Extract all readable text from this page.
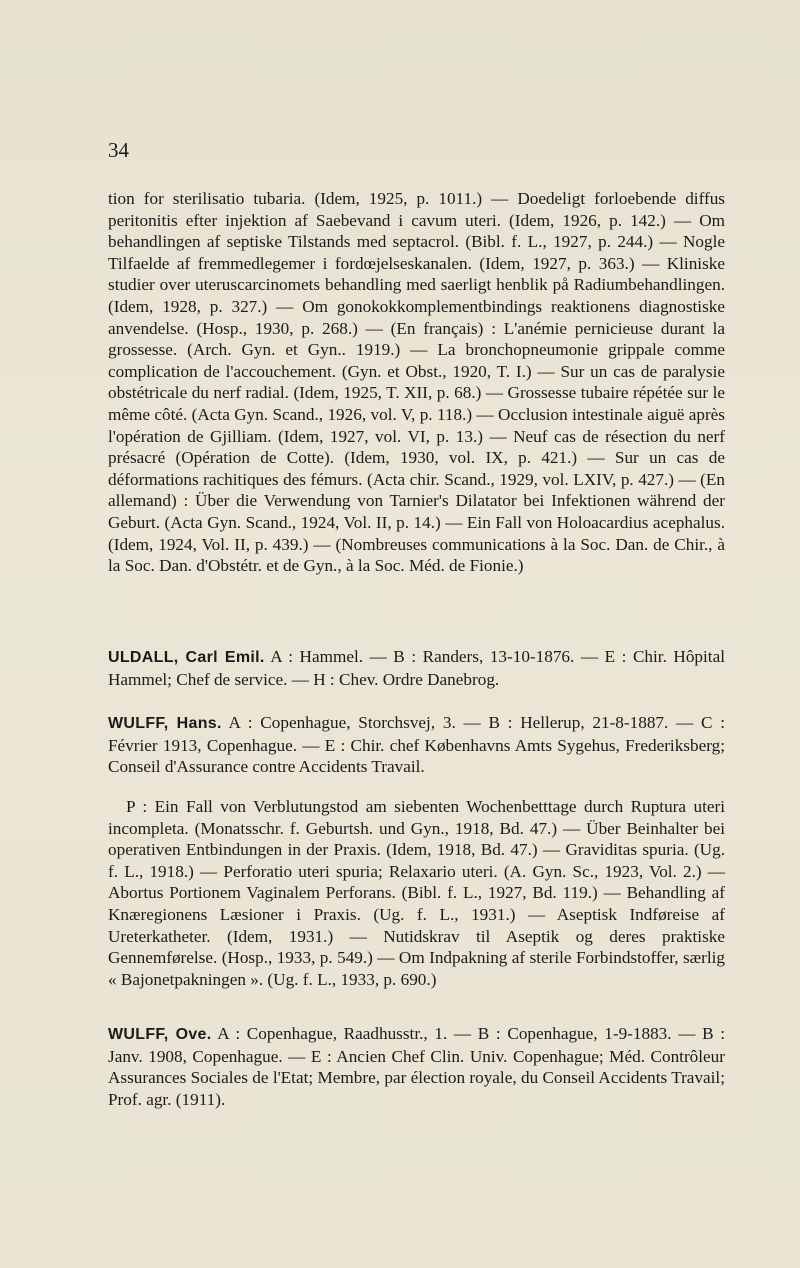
34

tion for sterilisatio tubaria. (Idem, 1925, p. 1011.) — Doedeligt forloebende diffus peritonitis efter injektion af Saebevand i cavum uteri. (Idem, 1926, p. 142.) — Om behandlingen af septiske Tilstands med septacrol. (Bibl. f. L., 1927, p. 244.) — Nogle Tilfaelde af fremmedlegemer i fordœjelseskanalen. (Idem, 1927, p. 363.) — Kliniske studier over uteruscarcinomets behandling med saerligt henblik på Radiumbehandlingen. (Idem, 1928, p. 327.) — Om gonokokkomplementbindings reaktionens diagnostiske anvendelse. (Hosp., 1930, p. 268.) — (En français) : L'anémie pernicieuse durant la grossesse. (Arch. Gyn. et Gyn.. 1919.) — La bronchopneumonie grippale comme complication de l'accouchement. (Gyn. et Obst., 1920, T. I.) — Sur un cas de paralysie obstétricale du nerf radial. (Idem, 1925, T. XII, p. 68.) — Grossesse tubaire répétée sur le même côté. (Acta Gyn. Scand., 1926, vol. V, p. 118.) — Occlusion intestinale aiguë après l'opération de Gjilliam. (Idem, 1927, vol. VI, p. 13.) — Neuf cas de résection du nerf présacré (Opération de Cotte). (Idem, 1930, vol. IX, p. 421.) — Sur un cas de déformations rachitiques des fémurs. (Acta chir. Scand., 1929, vol. LXIV, p. 427.) — (En allemand) : Über die Verwendung von Tarnier's Dilatator bei Infektionen während der Geburt. (Acta Gyn. Scand., 1924, Vol. II, p. 14.) — Ein Fall von Holoacardius acephalus. (Idem, 1924, Vol. II, p. 439.) — (Nombreuses communications à la Soc. Dan. de Chir., à la Soc. Dan. d'Obstétr. et de Gyn., à la Soc. Méd. de Fionie.)

ULDALL, Carl Emil. A : Hammel. — B : Randers, 13-10-1876. — E : Chir. Hôpital Hammel; Chef de service. — H : Chev. Ordre Danebrog.

WULFF, Hans. A : Copenhague, Storchsvej, 3. — B : Hellerup, 21-8-1887. — C : Février 1913, Copenhague. — E : Chir. chef Københavns Amts Sygehus, Frederiksberg; Conseil d'Assurance contre Accidents Travail.

P : Ein Fall von Verblutungstod am siebenten Wochenbetttage durch Ruptura uteri incompleta. (Monatsschr. f. Geburtsh. und Gyn., 1918, Bd. 47.) — Über Beinhalter bei operativen Entbindungen in der Praxis. (Idem, 1918, Bd. 47.) — Graviditas spuria. (Ug. f. L., 1918.) — Perforatio uteri spuria; Relaxario uteri. (A. Gyn. Sc., 1923, Vol. 2.) — Abortus Portionem Vaginalem Perforans. (Bibl. f. L., 1927, Bd. 119.) — Behandling af Knæregionens Læsioner i Praxis. (Ug. f. L., 1931.) — Aseptisk Indføreise af Ureterkatheter. (Idem, 1931.) — Nutidskrav til Aseptik og deres praktiske Gennemførelse. (Hosp., 1933, p. 549.) — Om Indpakning af sterile Forbindstoffer, særlig « Bajonetpakningen ». (Ug. f. L., 1933, p. 690.)

WULFF, Ove. A : Copenhague, Raadhusstr., 1. — B : Copenhague, 1-9-1883. — B : Janv. 1908, Copenhague. — E : Ancien Chef Clin. Univ. Copenhague; Méd. Contrôleur Assurances Sociales de l'Etat; Membre, par élection royale, du Conseil Accidents Travail; Prof. agr. (1911).
